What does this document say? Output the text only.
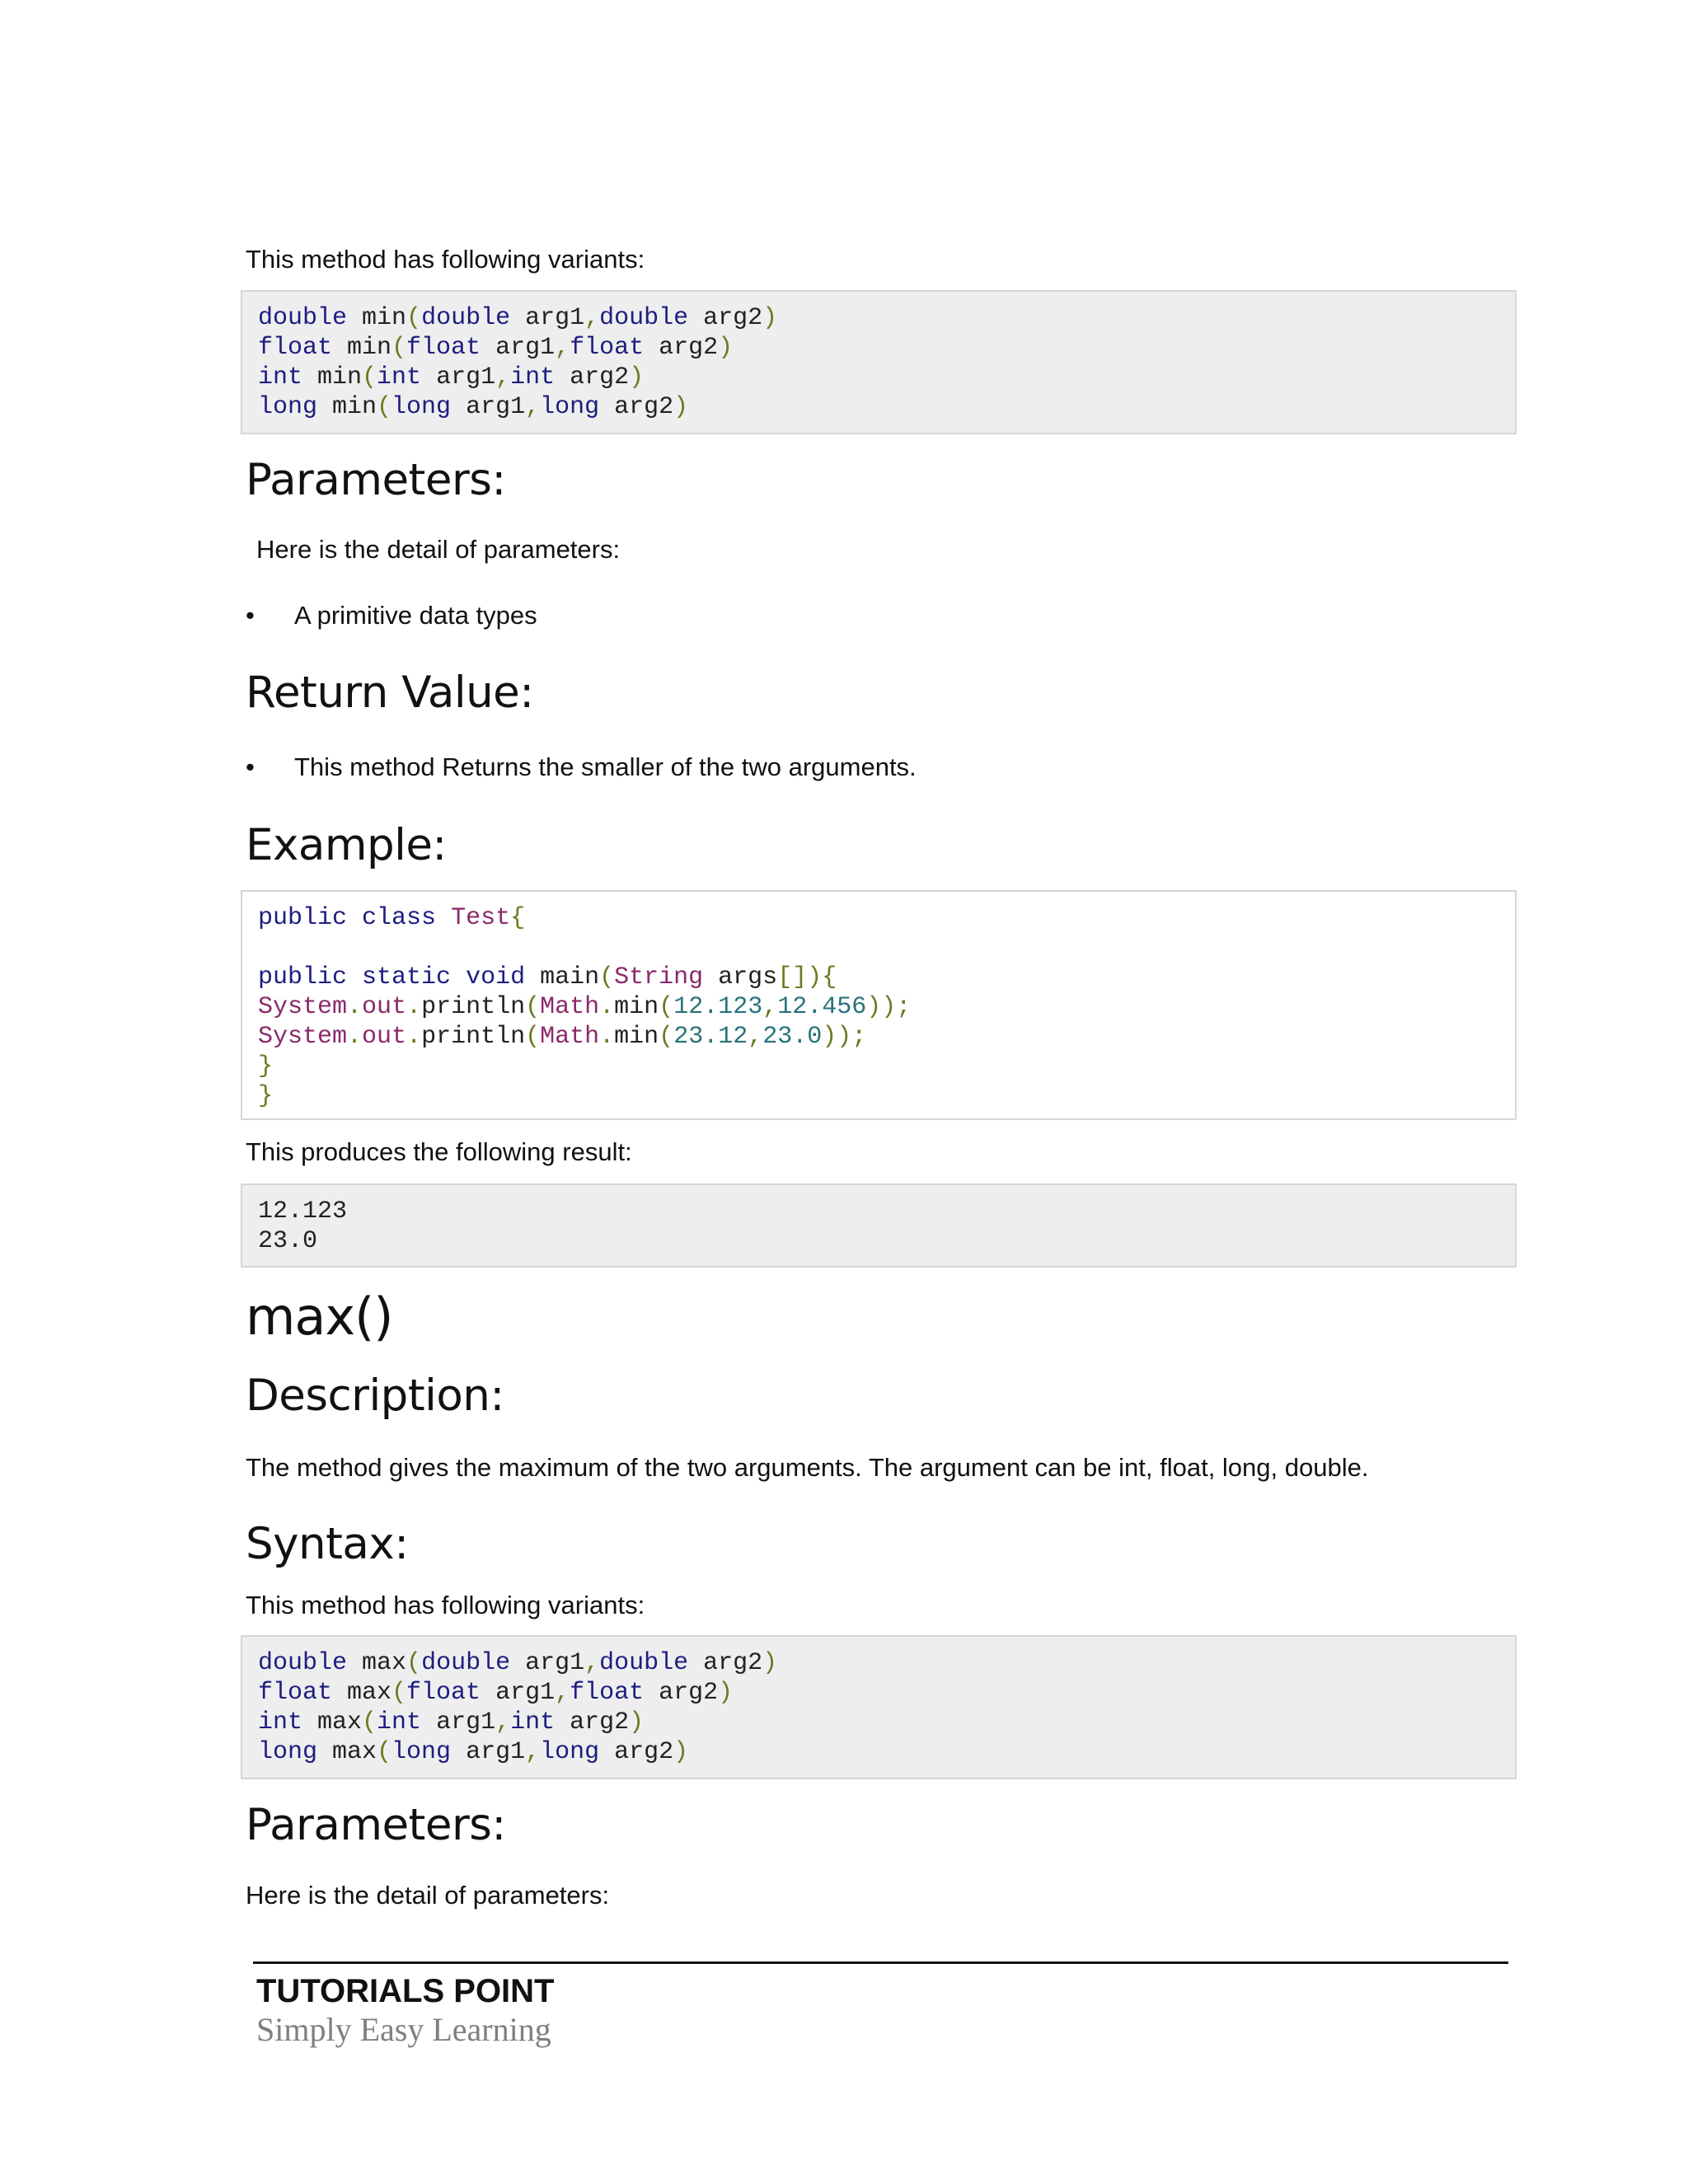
This method has following variants:

double min(double arg1,double arg2)
float min(float arg1,float arg2)
int min(int arg1,int arg2)
long min(long arg1,long arg2)
Parameters:

Here is the detail of parameters:

• A primitive data types
Return Value:
• This method Returns the smaller of the two arguments.
Example:
public class Test{
public static void main(String args[]){
System.out.println(Math.min(12.123,12.456));
System.out.println(Math.min(23.12,23.0));
}
}

This produces the following result:

12.123
23.0
max()
Description:

The method gives the maximum of the two arguments. The argument can be int, float, long, double.

Syntax:

This method has following variants:

double max(double arg1,double arg2)
float max(float arg1,float arg2)
int max(int arg1,int arg2)
long max(long arg1,long arg2)
Parameters:

Here is the detail of parameters:

TUTORIALS POINT
Simply Easy Learning
